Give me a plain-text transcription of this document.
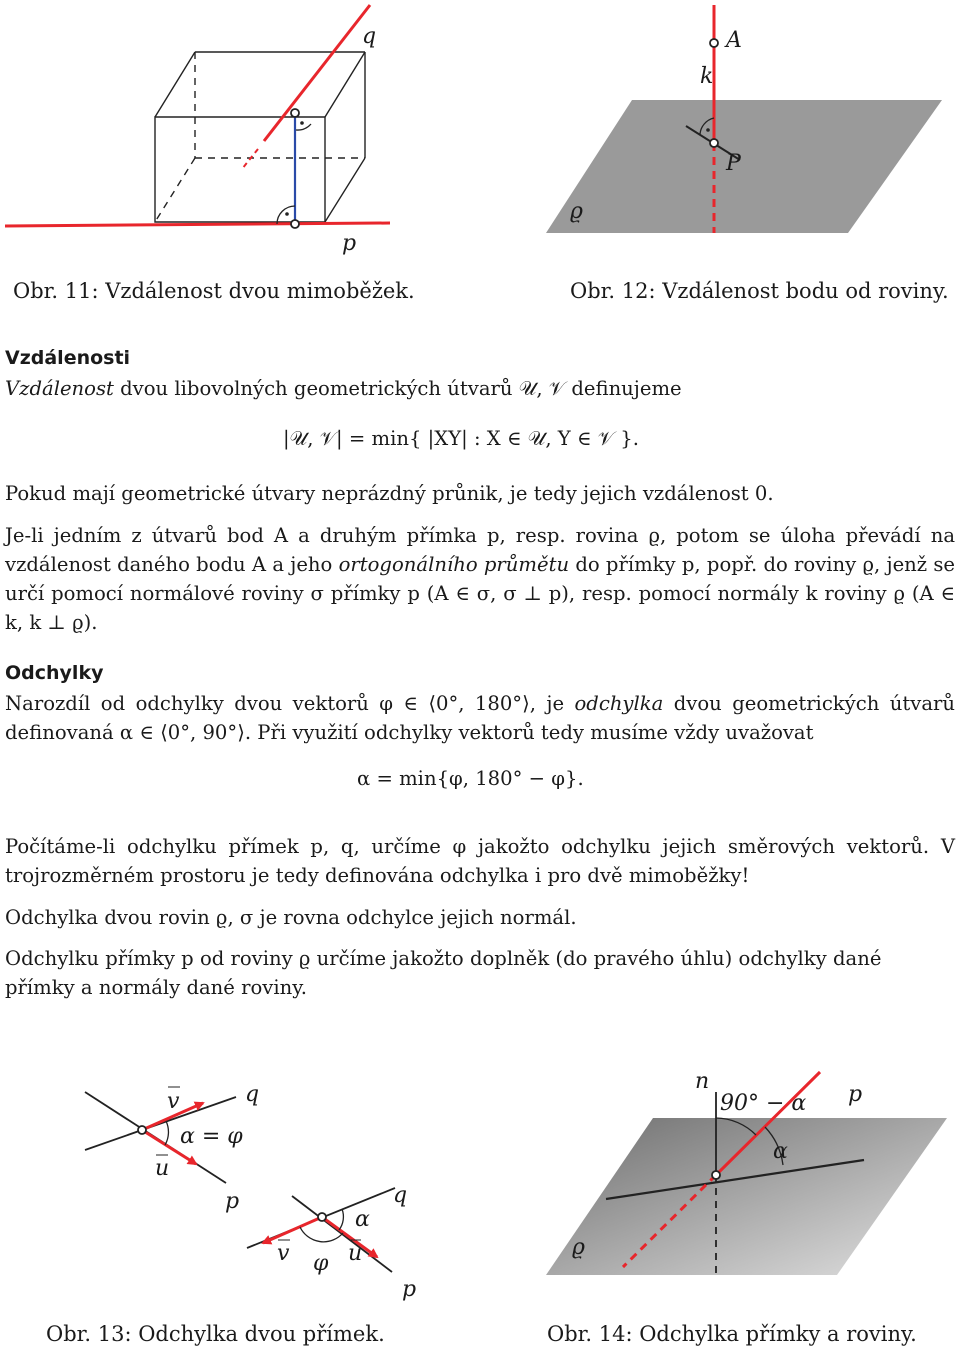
q
p
Obr. 11: Vzdálenost dvou mimoběžek.
A
k
P
ϱ
Obr. 12: Vzdálenost bodu od roviny.
Vzdálenosti
Vzdálenost dvou libovolných geometrických útvarů 𝒰, 𝒱 definujeme
|𝒰, 𝒱| = min{ |XY| : X ∈ 𝒰, Y ∈ 𝒱 }.
Pokud mají geometrické útvary neprázdný průnik, je tedy jejich vzdálenost 0.
Je-li jedním z útvarů bod A a druhým přímka p, resp. rovina ϱ, potom se úloha převádí na vzdálenost daného bodu A a jeho ortogonálního průmětu do přímky p, popř. do roviny ϱ, jenž se určí pomocí normálové roviny σ přímky p (A ∈ σ, σ ⊥ p), resp. pomocí normály k roviny ϱ (A ∈ k, k ⊥ ϱ).
Odchylky
Narozdíl od odchylky dvou vektorů φ ∈ ⟨0°, 180°⟩, je odchylka dvou geometrických útvarů definovaná α ∈ ⟨0°, 90°⟩. Při využití odchylky vektorů tedy musíme vždy uvažovat
α = min{φ, 180° − φ}.
Počítáme-li odchylku přímek p, q, určíme φ jakožto odchylku jejich směrových vektorů. V trojrozměrném prostoru je tedy definována odchylka i pro dvě mimoběžky!
Odchylka dvou rovin ϱ, σ je rovna odchylce jejich normál.
Odchylku přímky p od roviny ϱ určíme jakožto doplněk (do pravého úhlu) odchylky dané přímky a normály dané roviny.
v	q
α = φ
u
p	q
α
v φ u
p
Obr. 13: Odchylka dvou přímek.
n
90° − α p
α
ϱ
Obr. 14: Odchylka přímky a roviny.
